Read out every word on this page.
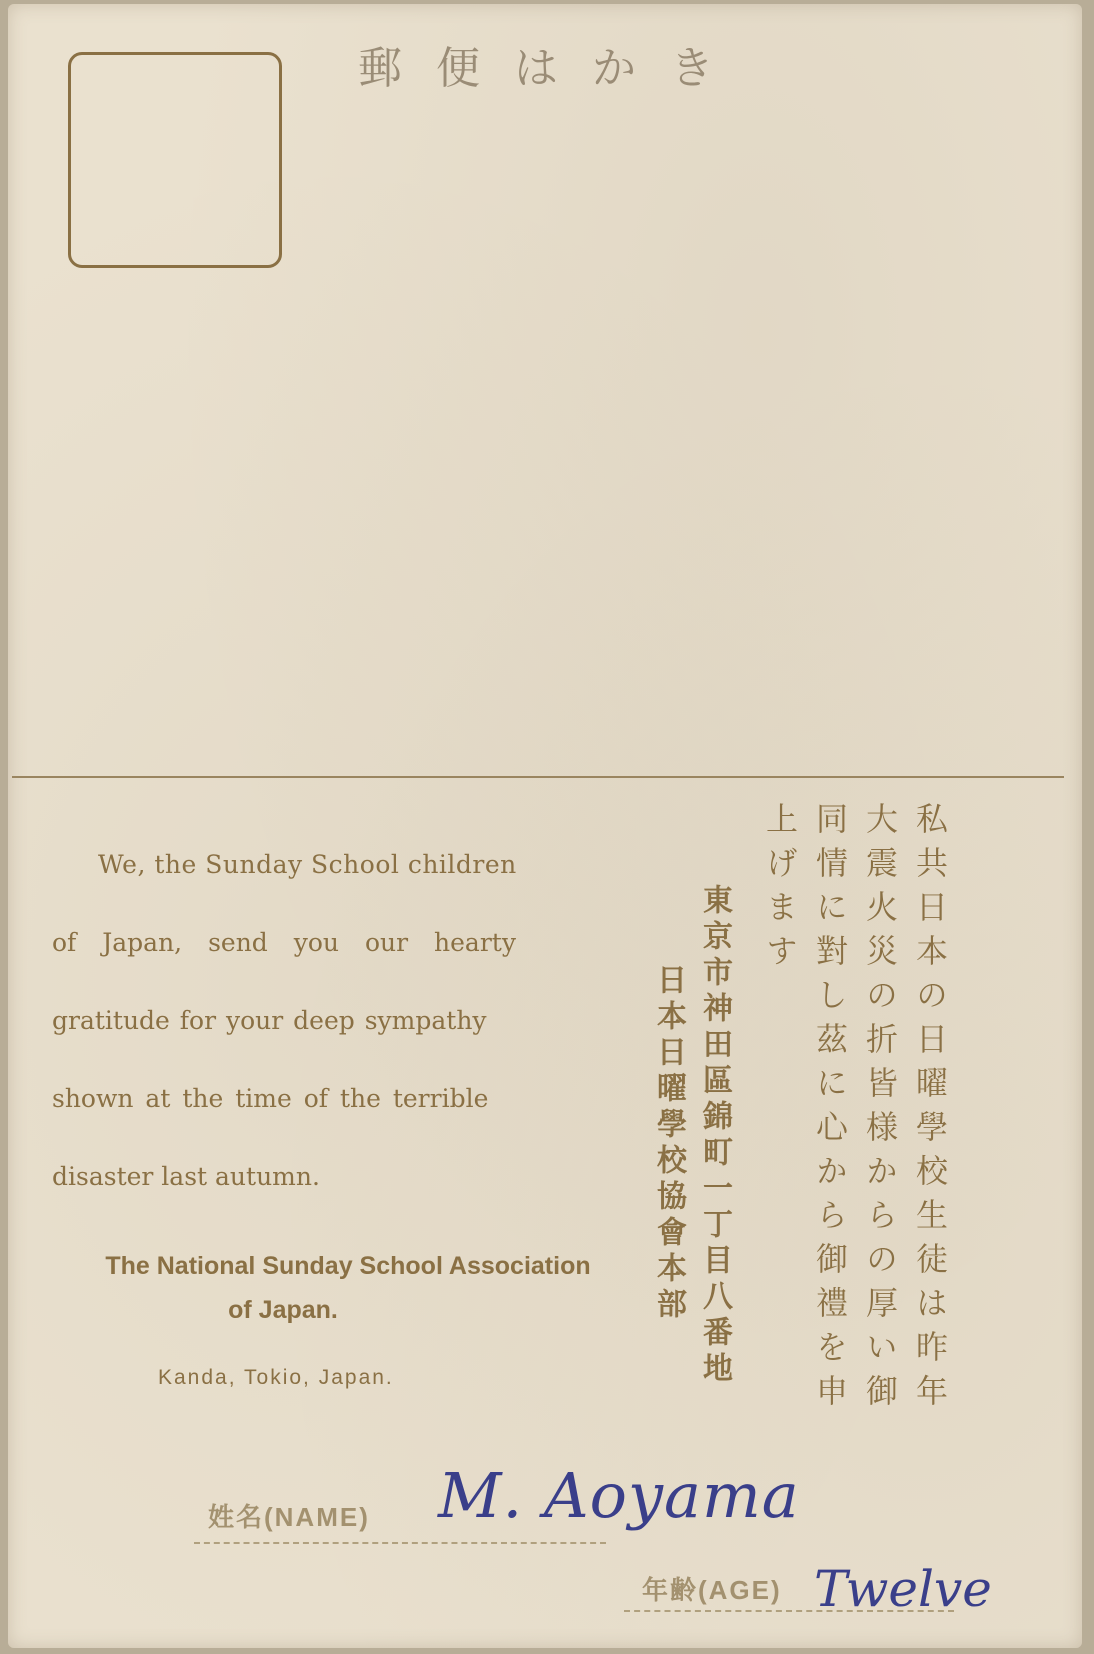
郵便はかき
We, the Sunday School children
of Japan, send you our hearty
gratitude for your deep sympathy
shown at the time of the terrible
disaster last autumn.
The National Sunday School Association
of Japan.
Kanda, Tokio, Japan.	私共日本の日曜學校生徒は昨年
大震火災の折皆様からの厚い御
同情に對し茲に心から御禮を申
上げます
東京市神田區錦町一丁目八番地
日本日曜學校協會本部
姓名(NAME) M. Aoyama
年齢(AGE) Twelve
